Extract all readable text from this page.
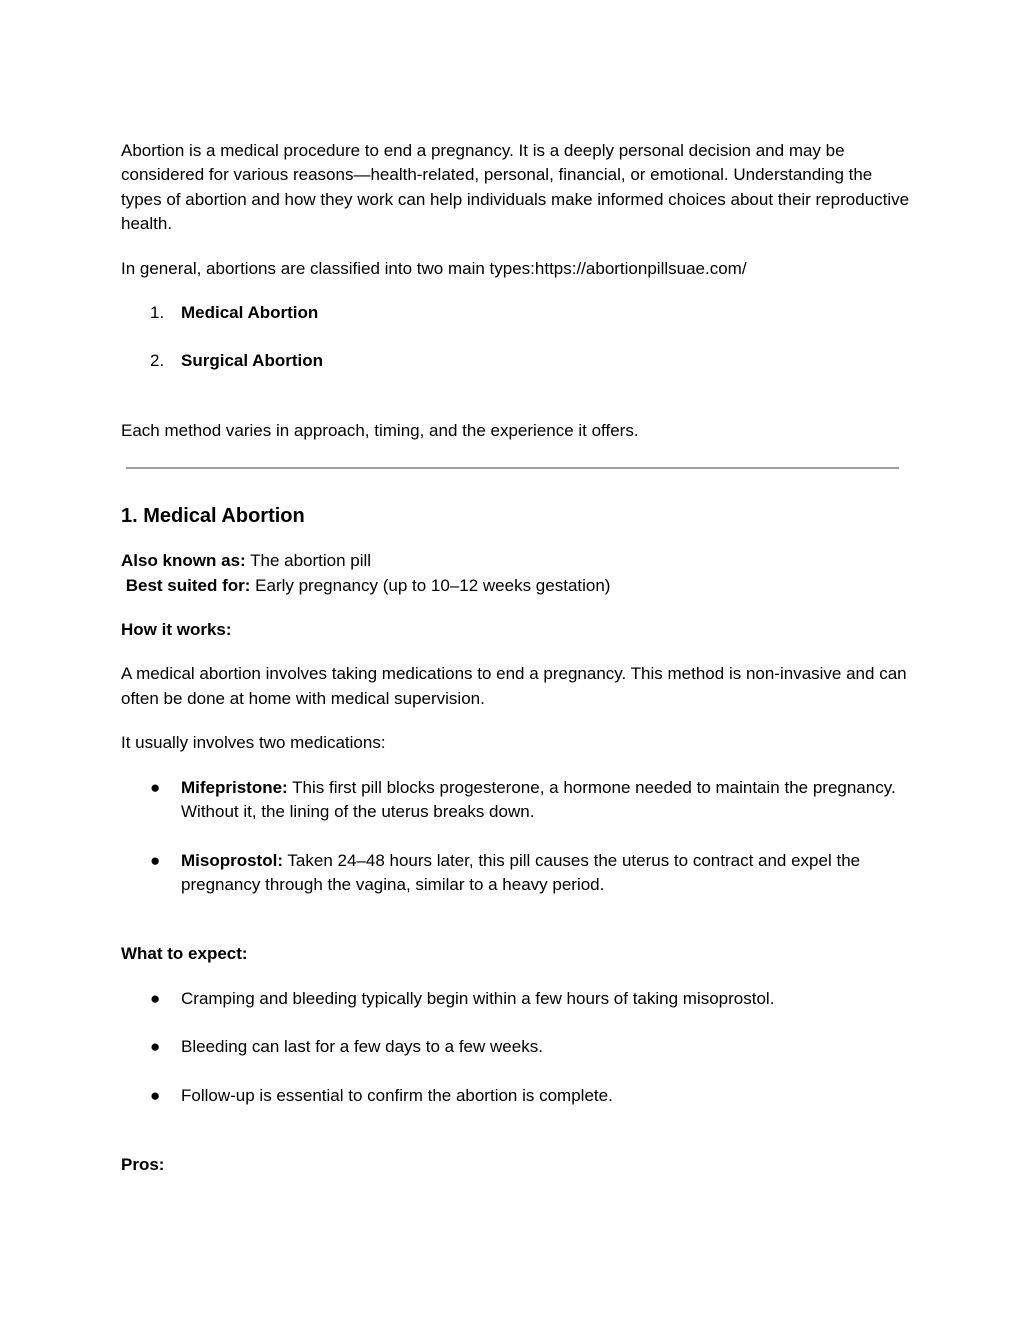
Abortion is a medical procedure to end a pregnancy. It is a deeply personal decision and may be considered for various reasons—health-related, personal, financial, or emotional. Understanding the types of abortion and how they work can help individuals make informed choices about their reproductive health.

In general, abortions are classified into two main types:https://abortionpillsuae.com/

1. Medical Abortion
2. Surgical Abortion

Each method varies in approach, timing, and the experience it offers.

1. Medical Abortion

Also known as: The abortion pill

Best suited for: Early pregnancy (up to 10–12 weeks gestation)

How it works:

A medical abortion involves taking medications to end a pregnancy. This method is non-invasive and can often be done at home with medical supervision.

It usually involves two medications:

● Mifepristone: This first pill blocks progesterone, a hormone needed to maintain the pregnancy. Without it, the lining of the uterus breaks down.
● Misoprostol: Taken 24–48 hours later, this pill causes the uterus to contract and expel the pregnancy through the vagina, similar to a heavy period.

What to expect:

● Cramping and bleeding typically begin within a few hours of taking misoprostol.
● Bleeding can last for a few days to a few weeks.
● Follow-up is essential to confirm the abortion is complete.

Pros:
